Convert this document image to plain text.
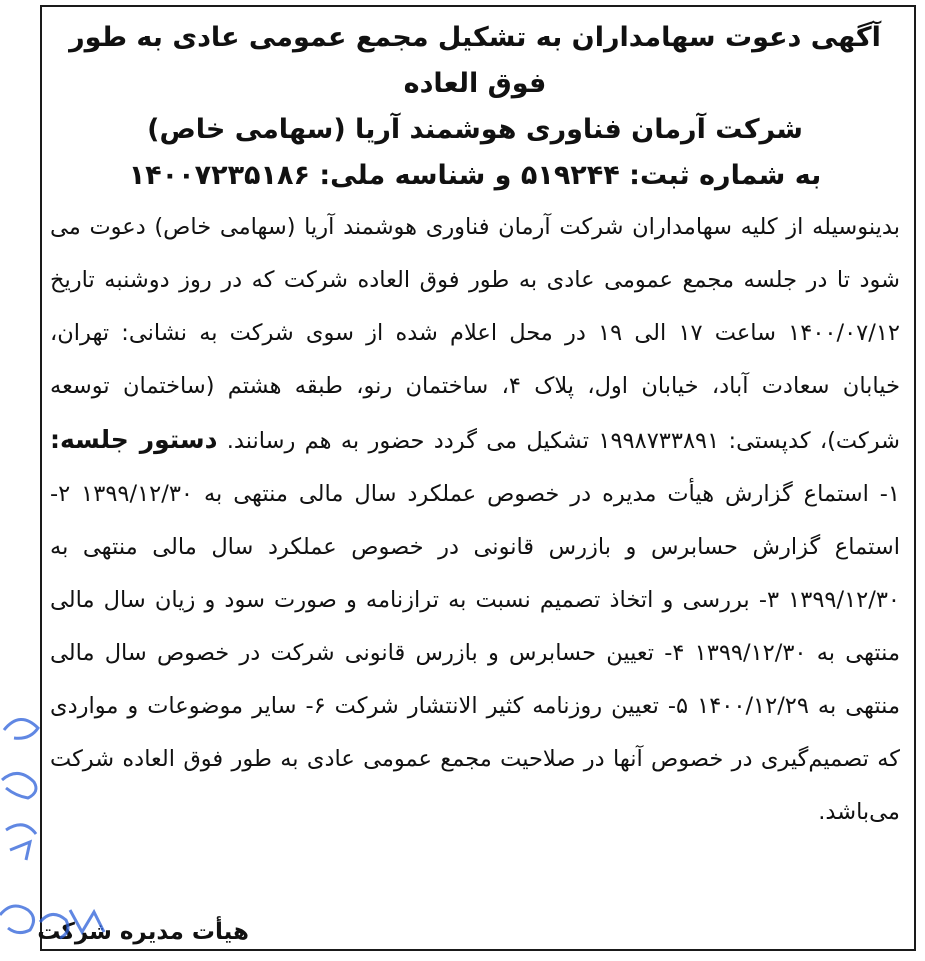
آگهی دعوت سهامداران به تشکیل مجمع عمومی عادی به طور فوق العاده

شرکت آرمان فناوری هوشمند آریا (سهامی خاص)

به شماره ثبت: ۵۱۹۲۴۴ و شناسه ملی: ۱۴۰۰۷۲۳۵۱۸۶

بدینوسیله از کلیه سهامداران شرکت آرمان فناوری هوشمند آریا (سهامی خاص) دعوت می شود تا در جلسه مجمع عمومی عادی به طور فوق العاده شرکت که در روز دوشنبه تاریخ ۱۴۰۰/۰۷/۱۲ ساعت ۱۷ الی ۱۹ در محل اعلام شده از سوی شرکت به نشانی: تهران، خیابان سعادت آباد، خیابان اول، پلاک ۴، ساختمان رنو، طبقه هشتم (ساختمان توسعه شرکت)، کدپستی: ۱۹۹۸۷۳۳۸۹۱ تشکیل می گردد حضور به هم رسانند. دستور جلسه: ۱- استماع گزارش هیأت مدیره در خصوص عملکرد سال مالی منتهی به ۱۳۹۹/۱۲/۳۰ ۲- استماع گزارش حسابرس و بازرس قانونی در خصوص عملکرد سال مالی منتهی به ۱۳۹۹/۱۲/۳۰ ۳- بررسی و اتخاذ تصمیم نسبت به ترازنامه و صورت سود و زیان سال مالی منتهی به ۱۳۹۹/۱۲/۳۰ ۴- تعیین حسابرس و بازرس قانونی شرکت در خصوص سال مالی منتهی به ۱۴۰۰/۱۲/۲۹ ۵- تعیین روزنامه کثیر الانتشار شرکت ۶- سایر موضوعات و مواردی که تصمیم‌گیری در خصوص آنها در صلاحیت مجمع عمومی عادی به طور فوق العاده شرکت می‌باشد.

هیأت مدیره شرکت
